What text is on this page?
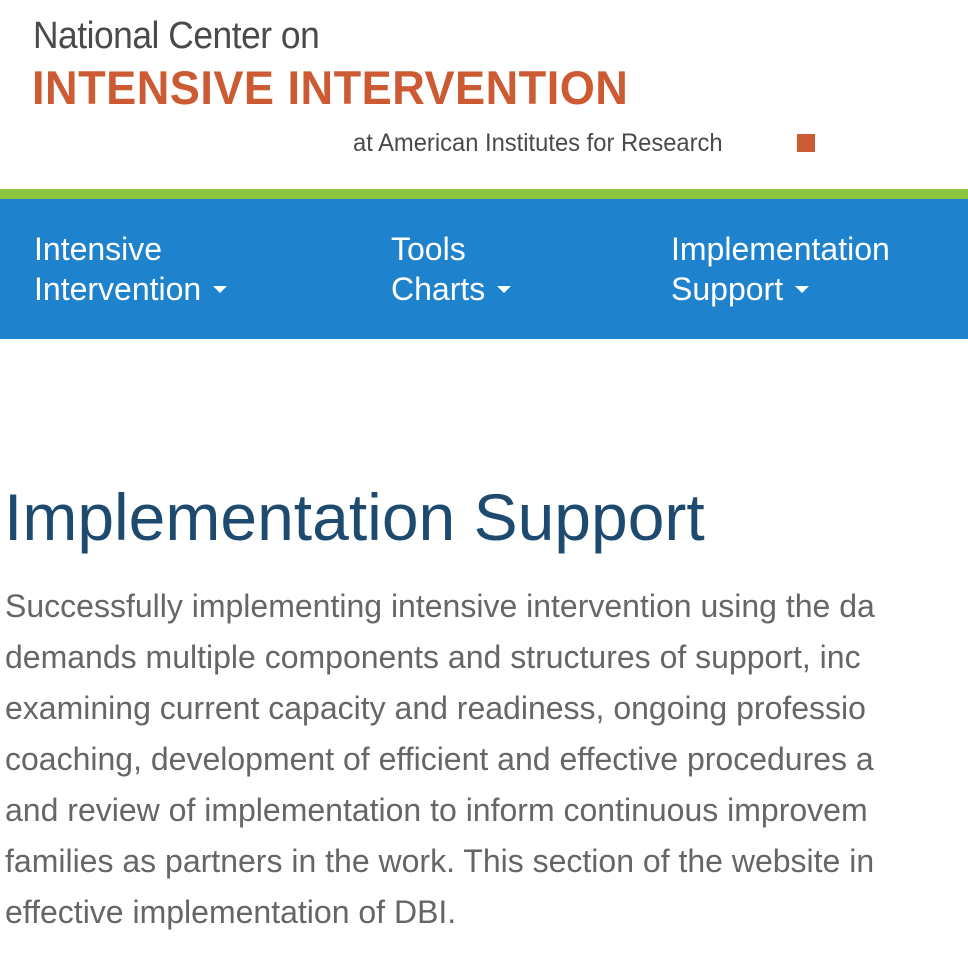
National Center on
INTENSIVE INTERVENTION
at American Institutes for Research
Intensive
Intervention
Tools
Charts
Implementation
Support
Implementation Support

Successfully implementing intensive intervention using the da
demands multiple components and structures of support, inc
examining current capacity and readiness, ongoing professio
coaching, development of efficient and effective procedures a
and review of implementation to inform continuous improvem
families as partners in the work. This section of the website in
effective implementation of DBI.
